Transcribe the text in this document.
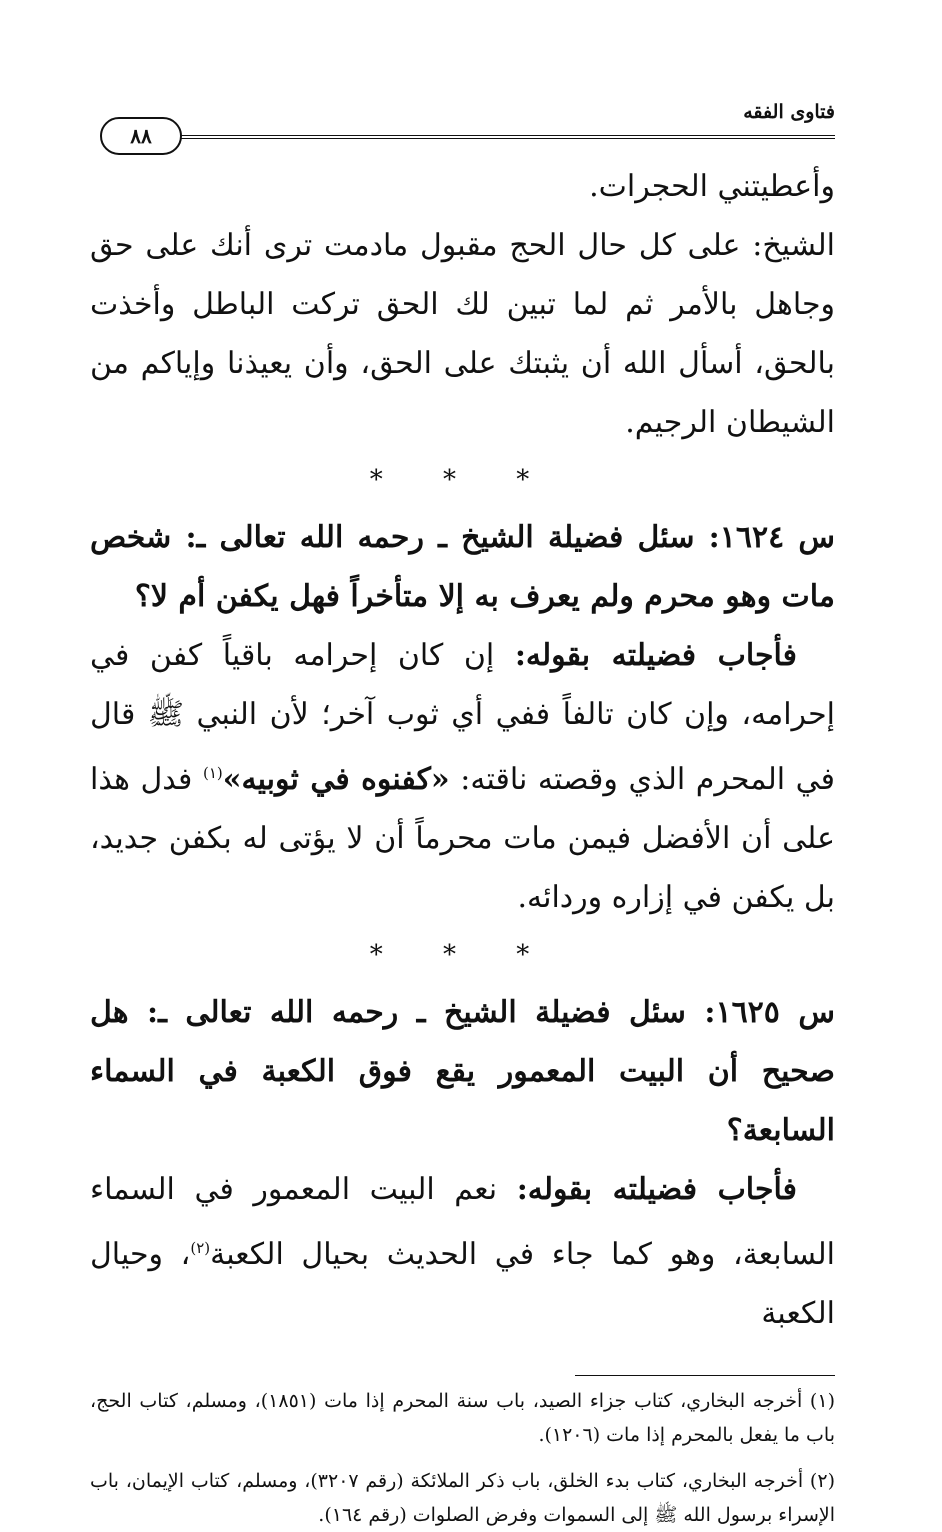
فتاوى الفقه
٨٨

وأعطيتني الحجرات.

الشيخ: على كل حال الحج مقبول مادمت ترى أنك على حق وجاهل بالأمر ثم لما تبين لك الحق تركت الباطل وأخذت بالحق، أسأل الله أن يثبتك على الحق، وأن يعيذنا وإياكم من الشيطان الرجيم.

* * *

س ١٦٢٤: سئل فضيلة الشيخ ـ رحمه الله تعالى ـ: شخص مات وهو محرم ولم يعرف به إلا متأخراً فهل يكفن أم لا؟

فأجاب فضيلته بقوله: إن كان إحرامه باقياً كفن في إحرامه، وإن كان تالفاً ففي أي ثوب آخر؛ لأن النبي ﷺ قال في المحرم الذي وقصته ناقته: «كفنوه في ثوبيه»$^{(١)}$ فدل هذا على أن الأفضل فيمن مات محرماً أن لا يؤتى له بكفن جديد، بل يكفن في إزاره وردائه.

* * *

س ١٦٢٥: سئل فضيلة الشيخ ـ رحمه الله تعالى ـ: هل صحيح أن البيت المعمور يقع فوق الكعبة في السماء السابعة؟

فأجاب فضيلته بقوله: نعم البيت المعمور في السماء السابعة، وهو كما جاء في الحديث بحيال الكعبة$^{(٢)}$، وحيال الكعبة

(١) أخرجه البخاري، كتاب جزاء الصيد، باب سنة المحرم إذا مات (١٨٥١)، ومسلم، كتاب الحج، باب ما يفعل بالمحرم إذا مات (١٢٠٦).

(٢) أخرجه البخاري، كتاب بدء الخلق، باب ذكر الملائكة (رقم ٣٢٠٧)، ومسلم، كتاب الإيمان، باب الإسراء برسول الله ﷺ إلى السموات وفرض الصلوات (رقم ١٦٤).
